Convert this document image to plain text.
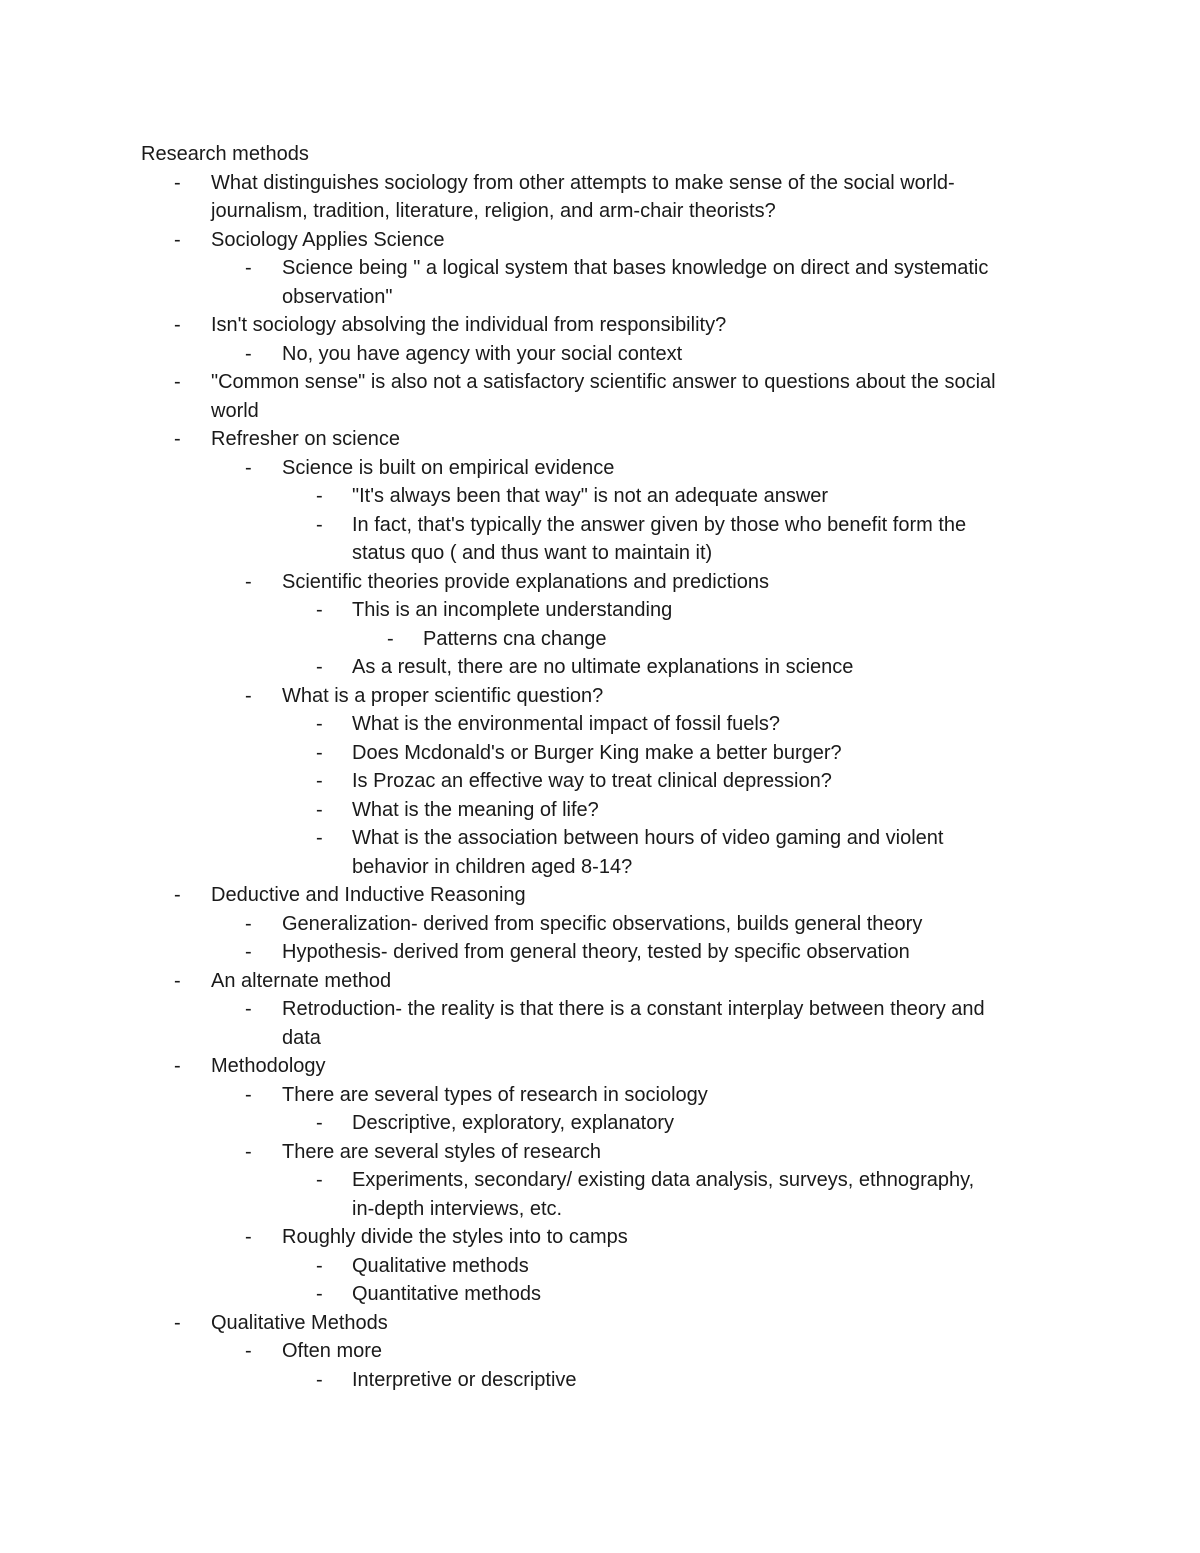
Research methods
- What distinguishes sociology from other attempts to make sense of the social world-
journalism, tradition, literature, religion, and arm-chair theorists?
- Sociology Applies Science
- Science being " a logical system that bases knowledge on direct and systematic
observation"
- Isn't sociology absolving the individual from responsibility?
- No, you have agency with your social context
- "Common sense" is also not a satisfactory scientific answer to questions about the social
world
- Refresher on science
- Science is built on empirical evidence
- "It's always been that way" is not an adequate answer
- In fact, that's typically the answer given by those who benefit form the
status quo ( and thus want to maintain it)
- Scientific theories provide explanations and predictions
- This is an incomplete understanding
- Patterns cna change
- As a result, there are no ultimate explanations in science
- What is a proper scientific question?
- What is the environmental impact of fossil fuels?
- Does Mcdonald's or Burger King make a better burger?
- Is Prozac an effective way to treat clinical depression?
- What is the meaning of life?
- What is the association between hours of video gaming and violent
behavior in children aged 8-14?
- Deductive and Inductive Reasoning
- Generalization- derived from specific observations, builds general theory
- Hypothesis- derived from general theory, tested by specific observation
- An alternate method
- Retroduction- the reality is that there is a constant interplay between theory and
data
- Methodology
- There are several types of research in sociology
- Descriptive, exploratory, explanatory
- There are several styles of research
- Experiments, secondary/ existing data analysis, surveys, ethnography,
in-depth interviews, etc.
- Roughly divide the styles into to camps
- Qualitative methods
- Quantitative methods
- Qualitative Methods
- Often more
- Interpretive or descriptive
